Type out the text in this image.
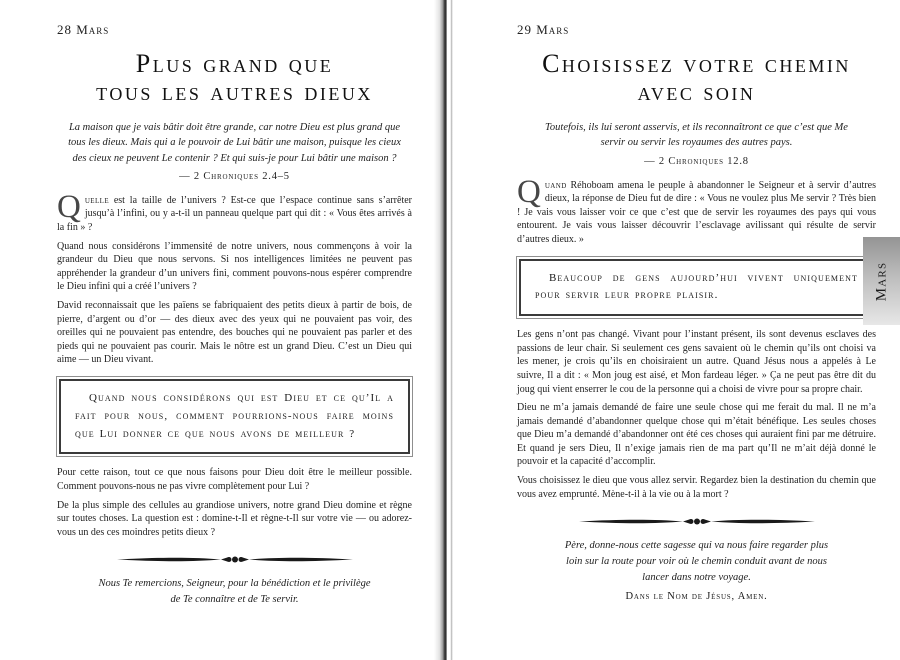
28 Mars
Plus grand que
tous les autres dieux
La maison que je vais bâtir doit être grande, car notre Dieu est plus grand que tous les dieux. Mais qui a le pouvoir de Lui bâtir une maison, puisque les cieux des cieux ne peuvent Le contenir ? Et qui suis-je pour Lui bâtir une maison ?
— 2 Chroniques 2.4–5

Quelle est la taille de l’univers ? Est-ce que l’espace continue sans s’arrêter jusqu’à l’infini, ou y a-t-il un panneau quelque part qui dit : « Vous êtes arrivés à la fin » ?

Quand nous considérons l’immensité de notre univers, nous commençons à voir la grandeur du Dieu que nous servons. Si nos intelligences limitées ne peuvent pas appréhender la grandeur d’un univers fini, comment pouvons-nous espérer comprendre le Dieu infini qui a créé l’univers ?

David reconnaissait que les païens se fabriquaient des petits dieux à partir de bois, de pierre, d’argent ou d’or — des dieux avec des yeux qui ne pouvaient pas voir, des oreilles qui ne pouvaient pas entendre, des bouches qui ne pouvaient pas parler et des pieds qui ne pouvaient pas courir. Mais le nôtre est un grand Dieu. C’est un Dieu qui aime — un Dieu vivant.

Quand nous considérons qui est Dieu et ce qu’Il a fait pour nous, comment pourrions-nous faire moins que Lui donner ce que nous avons de meilleur ?

Pour cette raison, tout ce que nous faisons pour Dieu doit être le meilleur possible. Comment pouvons-nous ne pas vivre complètement pour Lui ?

De la plus simple des cellules au grandiose univers, notre grand Dieu domine et règne sur toutes choses. La question est : domine-t-Il et règne-t-Il sur votre vie — ou adorez-vous un des ces moindres petits dieux ?

Nous Te remercions, Seigneur, pour la bénédiction et le privilège de Te connaître et de Te servir.
29 Mars
Choisissez votre chemin
avec soin
Toutefois, ils lui seront asservis, et ils reconnaîtront ce que c’est que Me servir ou servir les royaumes des autres pays.
— 2 Chroniques 12.8

Quand Réhoboam amena le peuple à abandonner le Seigneur et à servir d’autres dieux, la réponse de Dieu fut de dire : « Vous ne voulez plus Me servir ? Très bien ! Je vais vous laisser voir ce que c’est que de servir les royaumes des pays qui vous entourent. Je vais vous laisser découvrir l’esclavage avilissant qui résulte de servir d’autres dieux. »

Beaucoup de gens aujourd’hui vivent uniquement pour servir leur propre plaisir.

Les gens n’ont pas changé. Vivant pour l’instant présent, ils sont devenus esclaves des passions de leur chair. Si seulement ces gens savaient où le chemin qu’ils ont choisi va les mener, je crois qu’ils en choisiraient un autre. Quand Jésus nous a appelés à Le suivre, Il a dit : « Mon joug est aisé, et Mon fardeau léger. » Ça ne peut pas être dit du joug qui vient enserrer le cou de la personne qui a choisi de vivre pour sa propre chair.

Dieu ne m’a jamais demandé de faire une seule chose qui me ferait du mal. Il ne m’a jamais demandé d’abandonner quelque chose qui m’était bénéfique. Les seules choses que Dieu m’a demandé d’abandonner ont été ces choses qui auraient fini par me détruire. Et quand je sers Dieu, Il n’exige jamais rien de ma part qu’Il ne m’ait déjà donné le pouvoir et la capacité d’accomplir.

Vous choisissez le dieu que vous allez servir. Regardez bien la destination du chemin que vous avez emprunté. Mène-t-il à la vie ou à la mort ?

Père, donne-nous cette sagesse qui va nous faire regarder plus loin sur la route pour voir où le chemin conduit avant de nous lancer dans notre voyage.
Dans le Nom de Jésus, Amen.
Mars
